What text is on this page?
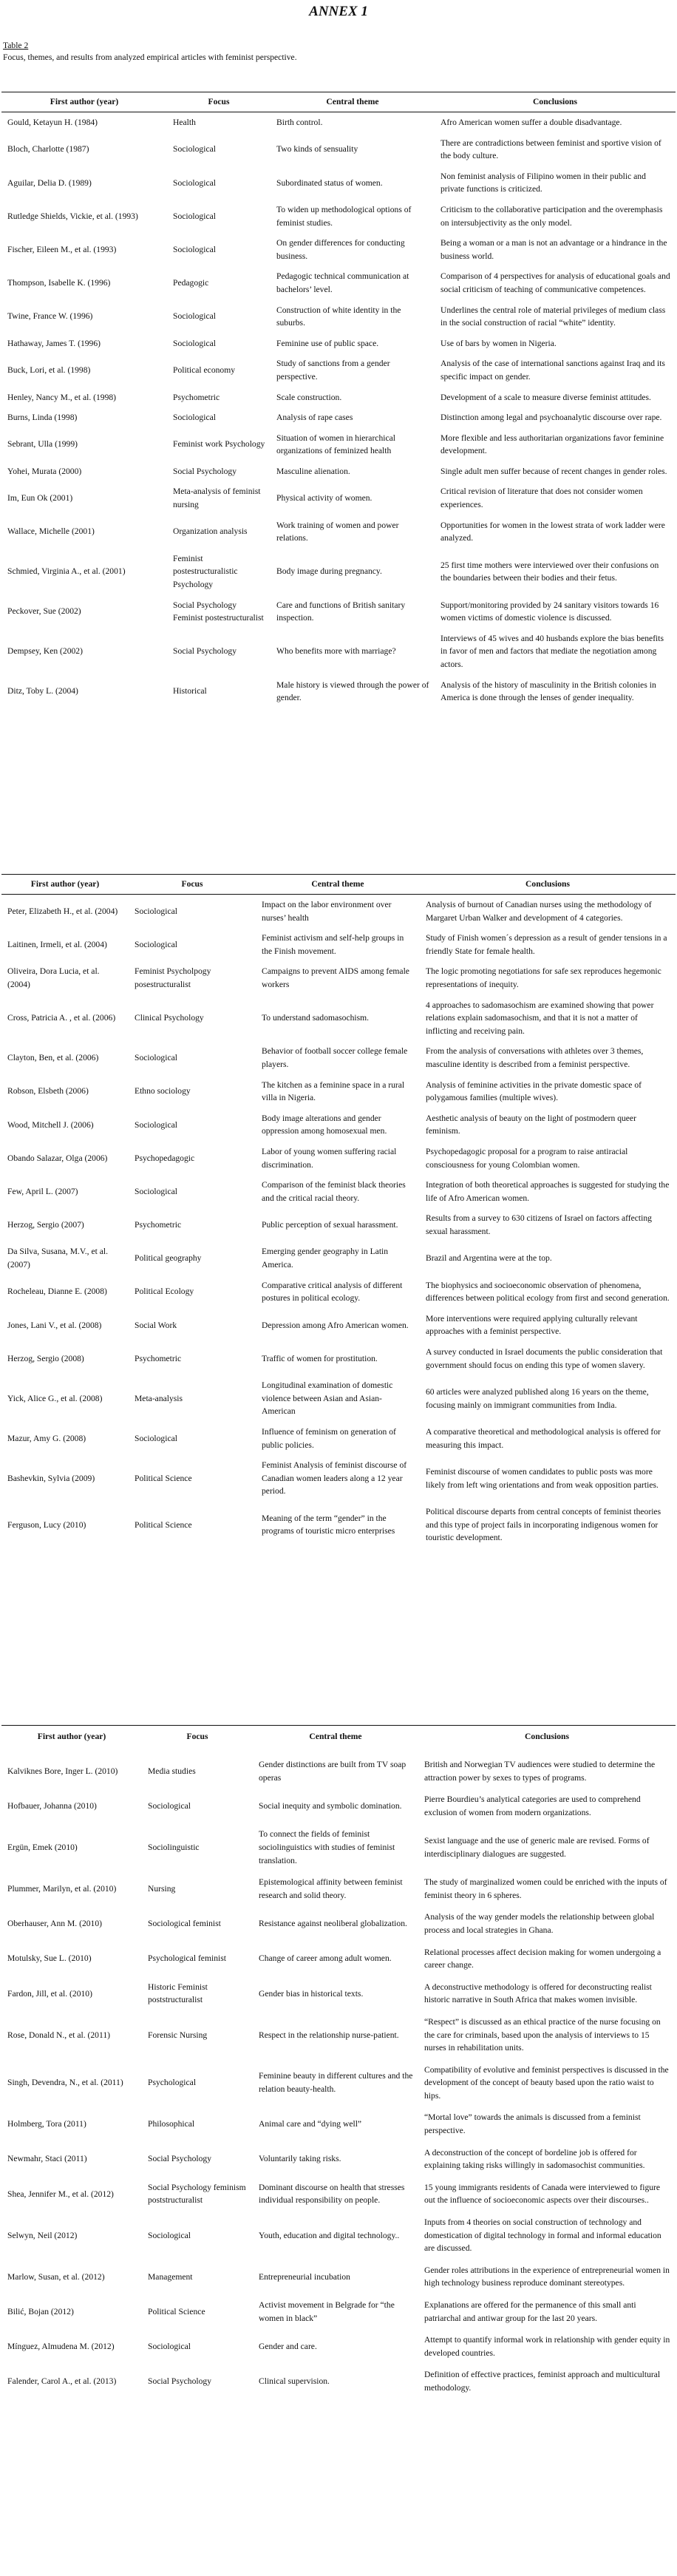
ANNEX 1
Table 2
Focus, themes, and results from analyzed empirical articles with feminist perspective.
First author (year)	Focus	Central theme	Conclusions
Gould, Ketayun H. (1984)	Health	Birth control.	Afro American women suffer a double disadvantage.
Bloch, Charlotte (1987)	Sociological	Two kinds of sensuality	There are contradictions between feminist and sportive vision of the body culture.
Aguilar, Delia D. (1989)	Sociological	Subordinated status of women.	Non feminist analysis of Filipino women in their public and private functions is criticized.
Rutledge Shields, Vickie, et al. (1993)	Sociological	To widen up methodological options of feminist studies.	Criticism to the collaborative participation and the overemphasis on intersubjectivity as the only model.
Fischer, Eileen M., et al. (1993)	Sociological	On gender differences for conducting business.	Being a woman or a man is not an advantage or a hindrance in the business world.
Thompson, Isabelle K. (1996)	Pedagogic	Pedagogic technical communication at bachelors’ level.	Comparison of 4 perspectives for analysis of educational goals and social criticism of teaching of communicative competences.
Twine, France W. (1996)	Sociological	Construction of white identity in the suburbs.	Underlines the central role of material privileges of medium class in the social construction of racial “white” identity.
Hathaway, James T. (1996)	Sociological	Feminine use of public space.	Use of bars by women in Nigeria.
Buck, Lori, et al. (1998)	Political economy	Study of sanctions from a gender perspective.	Analysis of the case of international sanctions against Iraq and its specific impact on gender.
Henley, Nancy M., et al. (1998)	Psychometric	Scale construction.	Development of a scale to measure diverse feminist attitudes.
Burns, Linda (1998)	Sociological	Analysis of rape cases	Distinction among legal and psychoanalytic discourse over rape.
Sebrant, Ulla (1999)	Feminist work Psychology	Situation of women in hierarchical organizations of feminized health	More flexible and less authoritarian organizations favor feminine development.
Yohei, Murata (2000)	Social Psychology	Masculine alienation.	Single adult men suffer because of recent changes in gender roles.
Im, Eun Ok (2001)	Meta-analysis of feminist nursing	Physical activity of women.	Critical revision of literature that does not consider women experiences.
Wallace, Michelle (2001)	Organization analysis	Work training of women and power relations.	Opportunities for women in the lowest strata of work ladder were analyzed.
Schmied, Virginia A., et al. (2001)	Feminist postestructuralistic Psychology	Body image during pregnancy.	25 first time mothers were interviewed over their confusions on the boundaries between their bodies and their fetus.
Peckover, Sue (2002)	Social Psychology Feminist postestructuralist	Care and functions of British sanitary inspection.	Support/monitoring provided by 24 sanitary visitors towards 16 women victims of domestic violence is discussed.
Dempsey, Ken (2002)	Social Psychology	Who benefits more with marriage?	Interviews of 45 wives and 40 husbands explore the bias benefits in favor of men and factors that mediate the negotiation among actors.
Ditz, Toby L. (2004)	Historical	Male history is viewed through the power of gender.	Analysis of the history of masculinity in the British colonies in America is done through the lenses of gender inequality.
First author (year)	Focus	Central theme	Conclusions
Peter, Elizabeth H., et al. (2004)	Sociological	Impact on the labor environment over nurses’ health	Analysis of burnout of Canadian nurses using the methodology of Margaret Urban Walker and development of 4 categories.
Laitinen, Irmeli, et al. (2004)	Sociological	Feminist activism and self-help groups in the Finish movement.	Study of Finish women´s depression as a result of gender tensions in a friendly State for female health.
Oliveira, Dora Lucia, et al. (2004)	Feminist Psycholpogy posestructuralist	Campaigns to prevent AIDS among female workers	The logic promoting negotiations for safe sex reproduces hegemonic representations of inequity.
Cross, Patricia A. , et al. (2006)	Clinical Psychology	To understand sadomasochism.	4 approaches to sadomasochism are examined showing that power relations explain sadomasochism, and that it is not a matter of inflicting and receiving pain.
Clayton, Ben, et al. (2006)	Sociological	Behavior of football soccer college female players.	From the analysis of conversations with athletes over 3 themes, masculine identity is described from a feminist perspective.
Robson, Elsbeth (2006)	Ethno sociology	The kitchen as a feminine space in a rural villa in Nigeria.	Analysis of feminine activities in the private domestic space of polygamous families (multiple wives).
Wood, Mitchell J. (2006)	Sociological	Body image alterations and gender oppression among homosexual men.	Aesthetic analysis of beauty on the light of postmodern queer feminism.
Obando Salazar, Olga (2006)	Psychopedagogic	Labor of young women suffering racial discrimination.	Psychopedagogic proposal for a program to raise antiracial consciousness for young Colombian women.
Few, April L. (2007)	Sociological	Comparison of the feminist black theories and the critical racial theory.	Integration of both theoretical approaches is suggested for studying the life of Afro American women.
Herzog, Sergio (2007)	Psychometric	Public perception of sexual harassment.	Results from a survey to 630 citizens of Israel on factors affecting sexual harassment.
Da Silva, Susana, M.V., et al. (2007)	Political geography	Emerging gender geography in Latin America.	Brazil and Argentina were at the top.
Rocheleau, Dianne E. (2008)	Political Ecology	Comparative critical analysis of different postures in political ecology.	The biophysics and socioeconomic observation of phenomena, differences between political ecology from first and second generation.
Jones, Lani V., et al. (2008)	Social Work	Depression among Afro American women.	More interventions were required applying culturally relevant approaches with a feminist perspective.
Herzog, Sergio (2008)	Psychometric	Traffic of women for prostitution.	A survey conducted in Israel documents the public consideration that government should focus on ending this type of women slavery.
Yick, Alice G., et al. (2008)	Meta-analysis	Longitudinal examination of domestic violence between Asian and Asian-American	60 articles were analyzed published along 16 years on the theme, focusing mainly on immigrant communities from India.
Mazur, Amy G. (2008)	Sociological	Influence of feminism on generation of public policies.	A comparative theoretical and methodological analysis is offered for measuring this impact.
Bashevkin, Sylvia (2009)	Political Science	Feminist Analysis of feminist discourse of Canadian women leaders along a 12 year period.	Feminist discourse of women candidates to public posts was more likely from left wing orientations and from weak opposition parties.
Ferguson, Lucy (2010)	Political Science	Meaning of the term “gender” in the programs of touristic micro enterprises	Political discourse departs from central concepts of feminist theories and this type of project fails in incorporating indigenous women for touristic development.
First author (year)	Focus	Central theme	Conclusions
Kalviknes Bore, Inger L. (2010)	Media studies	Gender distinctions are built from TV soap operas	British and Norwegian TV audiences were studied to determine the attraction power by sexes to types of programs.
Hofbauer, Johanna (2010)	Sociological	Social inequity and symbolic domination.	Pierre Bourdieu’s analytical categories are used to comprehend exclusion of women from modern organizations.
Ergün, Emek (2010)	Sociolinguistic	To connect the fields of feminist sociolinguistics with studies of feminist translation.	Sexist language and the use of generic male are revised. Forms of interdisciplinary dialogues are suggested.
Plummer, Marilyn, et al. (2010)	Nursing	Epistemological affinity between feminist research and solid theory.	The study of marginalized women could be enriched with the inputs of feminist theory in 6 spheres.
Oberhauser, Ann M. (2010)	Sociological feminist	Resistance against neoliberal globalization.	Analysis of the way gender models the relationship between global process and local strategies in Ghana.
Motulsky, Sue L. (2010)	Psychological feminist	Change of career among adult women.	Relational processes affect decision making for women undergoing a career change.
Fardon, Jill, et al. (2010)	Historic Feminist poststructuralist	Gender bias in historical texts.	A deconstructive methodology is offered for deconstructing realist historic narrative in South Africa that makes women invisible.
Rose, Donald N., et al. (2011)	Forensic Nursing	Respect in the relationship nurse-patient.	“Respect” is discussed as an ethical practice of the nurse focusing on the care for criminals, based upon the analysis of interviews to 15 nurses in rehabilitation units.
Singh, Devendra, N., et al. (2011)	Psychological	Feminine beauty in different cultures and the relation beauty-health.	Compatibility of evolutive and feminist perspectives is discussed in the development of the concept of beauty based upon the ratio waist to hips.
Holmberg, Tora (2011)	Philosophical	Animal care and “dying well”	“Mortal love” towards the animals is discussed from a feminist perspective.
Newmahr, Staci (2011)	Social Psychology	Voluntarily taking risks.	A deconstruction of the concept of bordeline job is offered for explaining taking risks willingly in sadomasochist communities.
Shea, Jennifer M., et al. (2012)	Social Psychology feminism poststructuralist	Dominant discourse on health that stresses individual responsibility on people.	15 young immigrants residents of Canada were interviewed to figure out the influence of socioeconomic aspects over their discourses..
Selwyn, Neil (2012)	Sociological	Youth, education and digital technology..	Inputs from 4 theories on social construction of technology and domestication of digital technology in formal and informal education are discussed.
Marlow, Susan, et al. (2012)	Management	Entrepreneurial incubation	Gender roles attributions in the experience of entrepreneurial women in high technology business reproduce dominant stereotypes.
Bilić, Bojan (2012)	Political Science	Activist movement in Belgrade for “the women in black”	Explanations are offered for the permanence of this small anti patriarchal and antiwar group for the last 20 years.
Mínguez, Almudena M. (2012)	Sociological	Gender and care.	Attempt to quantify informal work in relationship with gender equity in developed countries.
Falender, Carol A., et al. (2013)	Social Psychology	Clinical supervision.	Definition of effective practices, feminist approach and multicultural methodology.
